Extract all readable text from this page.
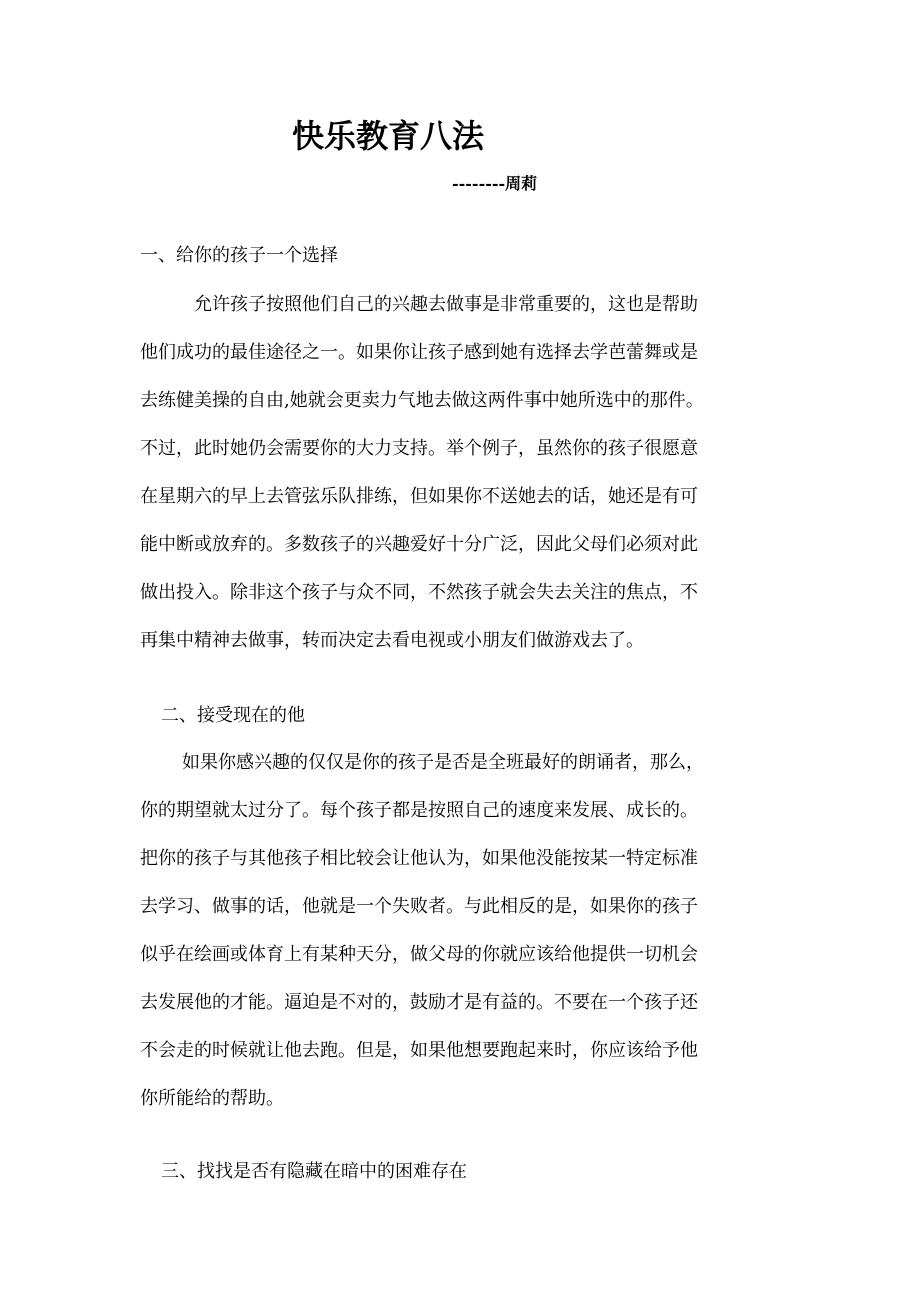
快乐教育八法
--------周莉
一、给你的孩子一个选择
允许孩子按照他们自己的兴趣去做事是非常重要的，这也是帮助
他们成功的最佳途径之一。如果你让孩子感到她有选择去学芭蕾舞或是
去练健美操的自由,她就会更卖力气地去做这两件事中她所选中的那件。
不过，此时她仍会需要你的大力支持。举个例子，虽然你的孩子很愿意
在星期六的早上去管弦乐队排练，但如果你不送她去的话，她还是有可
能中断或放弃的。多数孩子的兴趣爱好十分广泛，因此父母们必须对此
做出投入。除非这个孩子与众不同，不然孩子就会失去关注的焦点，不
再集中精神去做事，转而决定去看电视或小朋友们做游戏去了。
二、接受现在的他
如果你感兴趣的仅仅是你的孩子是否是全班最好的朗诵者，那么，
你的期望就太过分了。每个孩子都是按照自己的速度来发展、成长的。
把你的孩子与其他孩子相比较会让他认为，如果他没能按某一特定标准
去学习、做事的话，他就是一个失败者。与此相反的是，如果你的孩子
似乎在绘画或体育上有某种天分，做父母的你就应该给他提供一切机会
去发展他的才能。逼迫是不对的，鼓励才是有益的。不要在一个孩子还
不会走的时候就让他去跑。但是，如果他想要跑起来时，你应该给予他
你所能给的帮助。
三、找找是否有隐藏在暗中的困难存在
